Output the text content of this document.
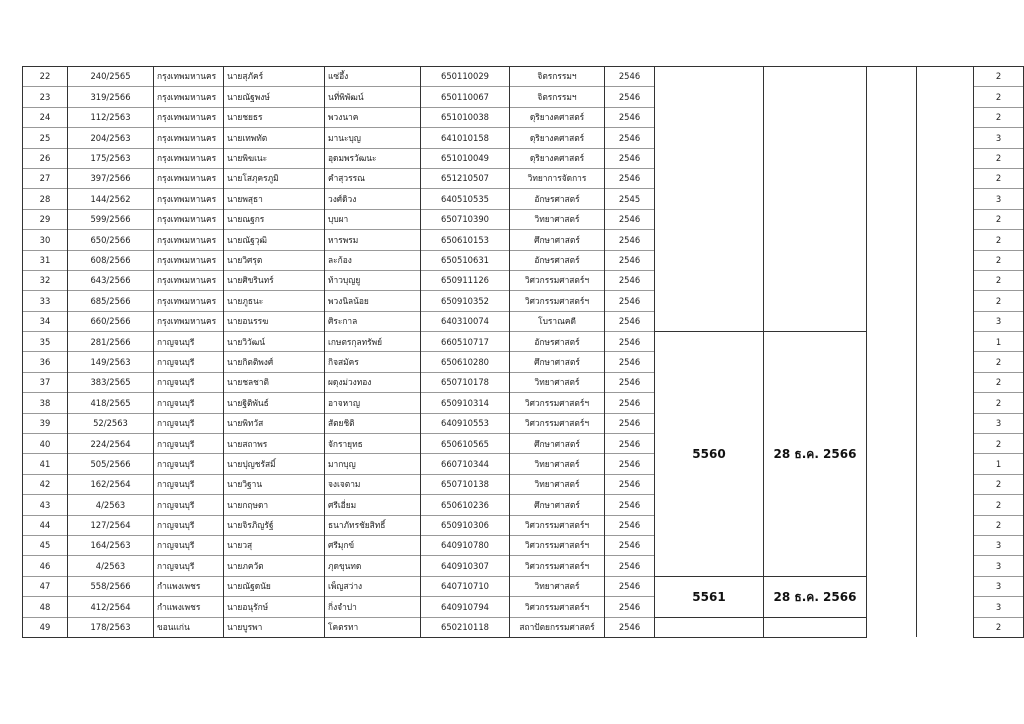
22	240/2565	กรุงเทพมหานคร	นายสุภัคร์	แซ่อึ้ง	650110029	จิตรกรรมฯ	2546					2
23	319/2566	กรุงเทพมหานคร	นายณัฐพงษ์	นที่พิพัฒน์	650110067	จิตรกรรมฯ	2546					2
24	112/2563	กรุงเทพมหานคร	นายชยธร	พวงนาค	651010038	ดุริยางคศาสตร์	2546					2
25	204/2563	กรุงเทพมหานคร	นายเทพทัต	มานะบุญ	641010158	ดุริยางคศาสตร์	2546					3
26	175/2563	กรุงเทพมหานคร	นายพิฆเนะ	อุดมพรวัฒนะ	651010049	ดุริยางคศาสตร์	2546					2
27	397/2566	กรุงเทพมหานคร	นายโสภุครภูมิ	คำสุวรรณ	651210507	วิทยาการจัดการ	2546					2
28	144/2562	กรุงเทพมหานคร	นายพสุธา	วงศ์ดิวง	640510535	อักษรศาสตร์	2545					3
29	599/2566	กรุงเทพมหานคร	นายณฐกร	บุบผา	650710390	วิทยาศาสตร์	2546					2
30	650/2566	กรุงเทพมหานคร	นายณัฐวุฒิ	หารพรม	650610153	ศึกษาศาสตร์	2546					2
31	608/2566	กรุงเทพมหานคร	นายวิศรุต	ละก้อง	650510631	อักษรศาสตร์	2546					2
32	643/2566	กรุงเทพมหานคร	นายศิขรินทร์	ท้าวบุญยู	650911126	วิศวกรรมศาสตร์ฯ	2546					2
33	685/2566	กรุงเทพมหานคร	นายภูธนะ	พวงนิลน้อย	650910352	วิศวกรรมศาสตร์ฯ	2546					2
34	660/2566	กรุงเทพมหานคร	นายอนรรฆ	ศิระกาล	640310074	โบราณคดี	2546					3
35	281/2566	กาญจนบุรี	นายวิวัฒน์	เกษตรกุลทรัพย์	660510717	อักษรศาสตร์	2546	5560	28 ธ.ค. 2566			1
36	149/2563	กาญจนบุรี	นายกิตติพงศ์	กิจสมัคร	650610280	ศึกษาศาสตร์	2546					2
37	383/2565	กาญจนบุรี	นายชลชาติ	ผดุงม่วงทอง	650710178	วิทยาศาสตร์	2546					2
38	418/2565	กาญจนบุรี	นายฐิติพันธ์	อาจหาญ	650910314	วิศวกรรมศาสตร์ฯ	2546					2
39	52/2563	กาญจนบุรี	นายพิทวัส	สัตยชิติ	640910553	วิศวกรรมศาสตร์ฯ	2546					3
40	224/2564	กาญจนบุรี	นายสถาพร	จักรายุทธ	650610565	ศึกษาศาสตร์	2546					2
41	505/2566	กาญจนบุรี	นายปุญชรัสมิ์	มากบุญ	660710344	วิทยาศาสตร์	2546					1
42	162/2564	กาญจนบุรี	นายวิฐาน	จงเจตาม	650710138	วิทยาศาสตร์	2546					2
43	4/2563	กาญจนบุรี	นายกฤษดา	ศรีเอี่ยม	650610236	ศึกษาศาสตร์	2546					2
44	127/2564	กาญจนบุรี	นายจิรภิญรัฐ์	ธนาภัทรชัยสิทธิ์	650910306	วิศวกรรมศาสตร์ฯ	2546					2
45	164/2563	กาญจนบุรี	นายวสุ	ศรีมุกข์	640910780	วิศวกรรมศาสตร์ฯ	2546					3
46	4/2563	กาญจนบุรี	นายภควัต	ภุดขุนทด	640910307	วิศวกรรมศาสตร์ฯ	2546					3
47	558/2566	กำแพงเพชร	นายณัฐดนัย	เพ็ญสว่าง	640710710	วิทยาศาสตร์	2546	5561	28 ธ.ค. 2566			3
48	412/2564	กำแพงเพชร	นายอนุรักษ์	กิ่งจำปา	640910794	วิศวกรรมศาสตร์ฯ	2546					3
49	178/2563	ขอนแก่น	นายบูรพา	โคตรทา	650210118	สถาปัตยกรรมศาสตร์	2546					2
